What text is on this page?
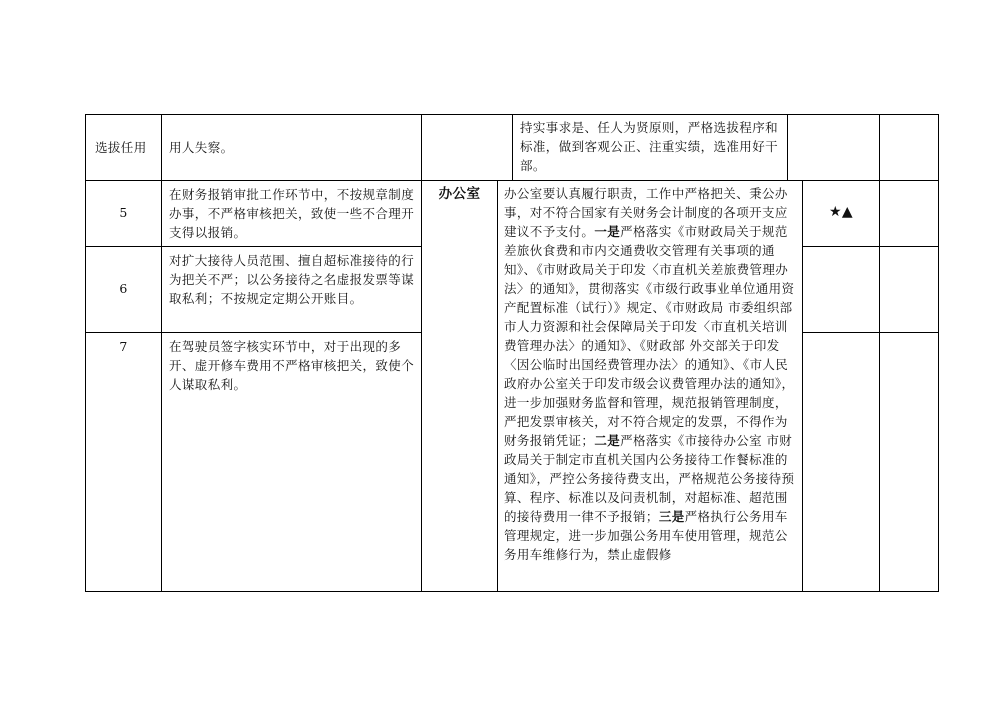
选拔任用	用人失察。
持实事求是、任人为贤原则，严格选拔程序和标准，做到客观公正、注重实绩，选准用好干部。
5
在财务报销审批工作环节中，不按规章制度办事，不严格审核把关，致使一些不合理开支得以报销。
6
对扩大接待人员范围、擅自超标准接待的行为把关不严；以公务接待之名虚报发票等谋取私利；不按规定定期公开账目。
7	在驾驶员签字核实环节中，对于出现的多开、虚开修车费用不严格审核把关，致使个人谋取私利。
办公室
★▲
办公室要认真履行职责，工作中严格把关、秉公办事，对不符合国家有关财务会计制度的各项开支应建议不予支付。一是严格落实《市财政局关于规范差旅伙食费和市内交通费收交管理有关事项的通知》、《市财政局关于印发〈市直机关差旅费管理办法〉的通知》，贯彻落实《市级行政事业单位通用资产配置标准（试行）》规定、《市财政局 市委组织部 市人力资源和社会保障局关于印发〈市直机关培训费管理办法〉的通知》、《财政部 外交部关于印发〈因公临时出国经费管理办法〉的通知》、《市人民政府办公室关于印发市级会议费管理办法的通知》，进一步加强财务监督和管理，规范报销管理制度，严把发票审核关，对不符合规定的发票，不得作为财务报销凭证；二是严格落实《市接待办公室 市财政局关于制定市直机关国内公务接待工作餐标准的通知》，严控公务接待费支出，严格规范公务接待预算、程序、标准以及问责机制，对超标准、超范围的接待费用一律不予报销；三是严格执行公务用车管理规定，进一步加强公务用车使用管理，规范公务用车维修行为，禁止虚假修
